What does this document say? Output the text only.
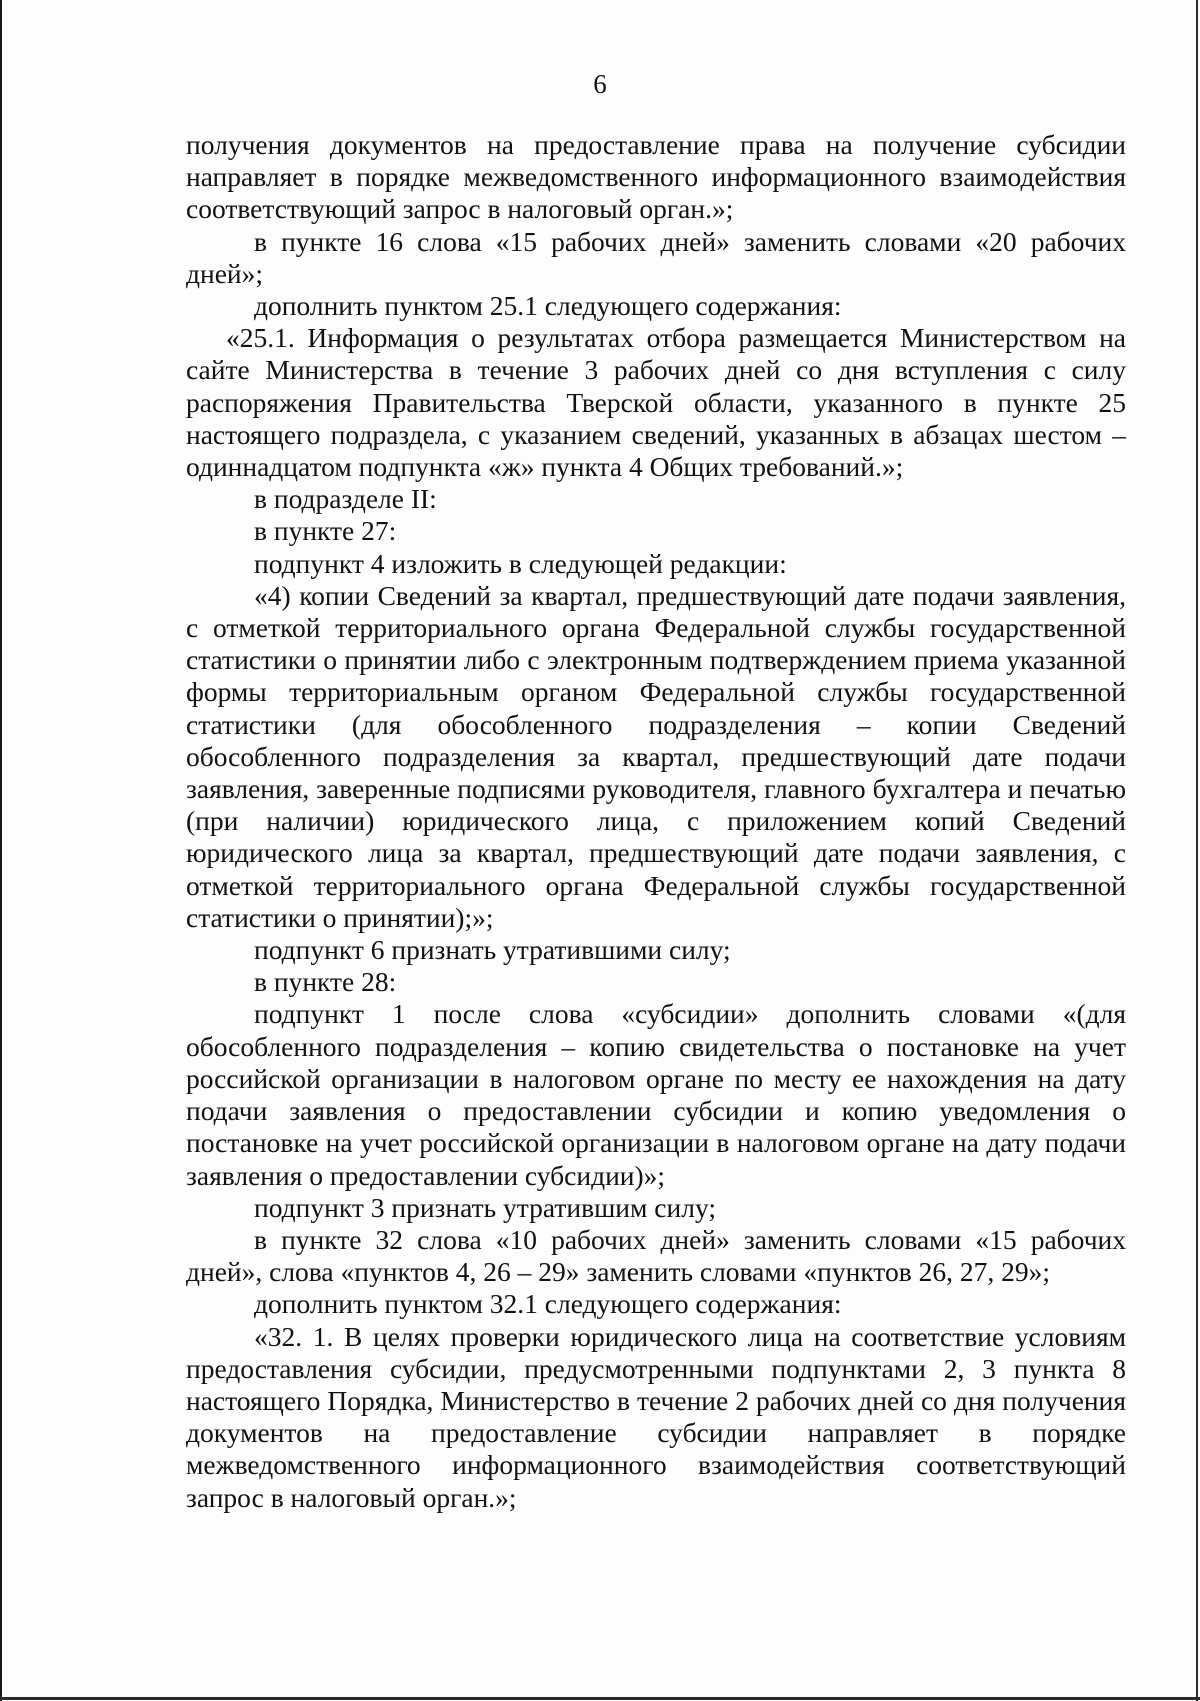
6

получения документов на предоставление права на получение субсидии направляет в порядке межведомственного информационного взаимодействия соответствующий запрос в налоговый орган.»;

в пункте 16 слова «15 рабочих дней» заменить словами «20 рабочих дней»;

дополнить пунктом 25.1 следующего содержания:

«25.1. Информация о результатах отбора размещается Министерством на сайте Министерства в течение 3 рабочих дней со дня вступления с силу распоряжения Правительства Тверской области, указанного в пункте 25 настоящего подраздела, с указанием сведений, указанных в абзацах шестом – одиннадцатом подпункта «ж» пункта 4 Общих требований.»;

в подразделе II:

в пункте 27:

подпункт 4 изложить в следующей редакции:

«4) копии Сведений за квартал, предшествующий дате подачи заявления, с отметкой территориального органа Федеральной службы государственной статистики о принятии либо с электронным подтверждением приема указанной формы территориальным органом Федеральной службы государственной статистики (для обособленного подразделения – копии Сведений обособленного подразделения за квартал, предшествующий дате подачи заявления, заверенные подписями руководителя, главного бухгалтера и печатью (при наличии) юридического лица, с приложением копий Сведений юридического лица за квартал, предшествующий дате подачи заявления, с отметкой территориального органа Федеральной службы государственной статистики о принятии);»;

подпункт 6 признать утратившими силу;

в пункте 28:

подпункт 1 после слова «субсидии» дополнить словами «(для обособленного подразделения – копию свидетельства о постановке на учет российской организации в налоговом органе по месту ее нахождения на дату подачи заявления о предоставлении субсидии и копию уведомления о постановке на учет российской организации в налоговом органе на дату подачи заявления о предоставлении субсидии)»;

подпункт 3 признать утратившим силу;

в пункте 32 слова «10 рабочих дней» заменить словами «15 рабочих дней», слова «пунктов 4, 26 – 29» заменить словами «пунктов 26, 27, 29»;

дополнить пунктом 32.1 следующего содержания:

«32. 1. В целях проверки юридического лица на соответствие условиям предоставления субсидии, предусмотренными подпунктами 2, 3 пункта 8 настоящего Порядка, Министерство в течение 2 рабочих дней со дня получения документов на предоставление субсидии направляет в порядке межведомственного информационного взаимодействия соответствующий запрос в налоговый орган.»;
